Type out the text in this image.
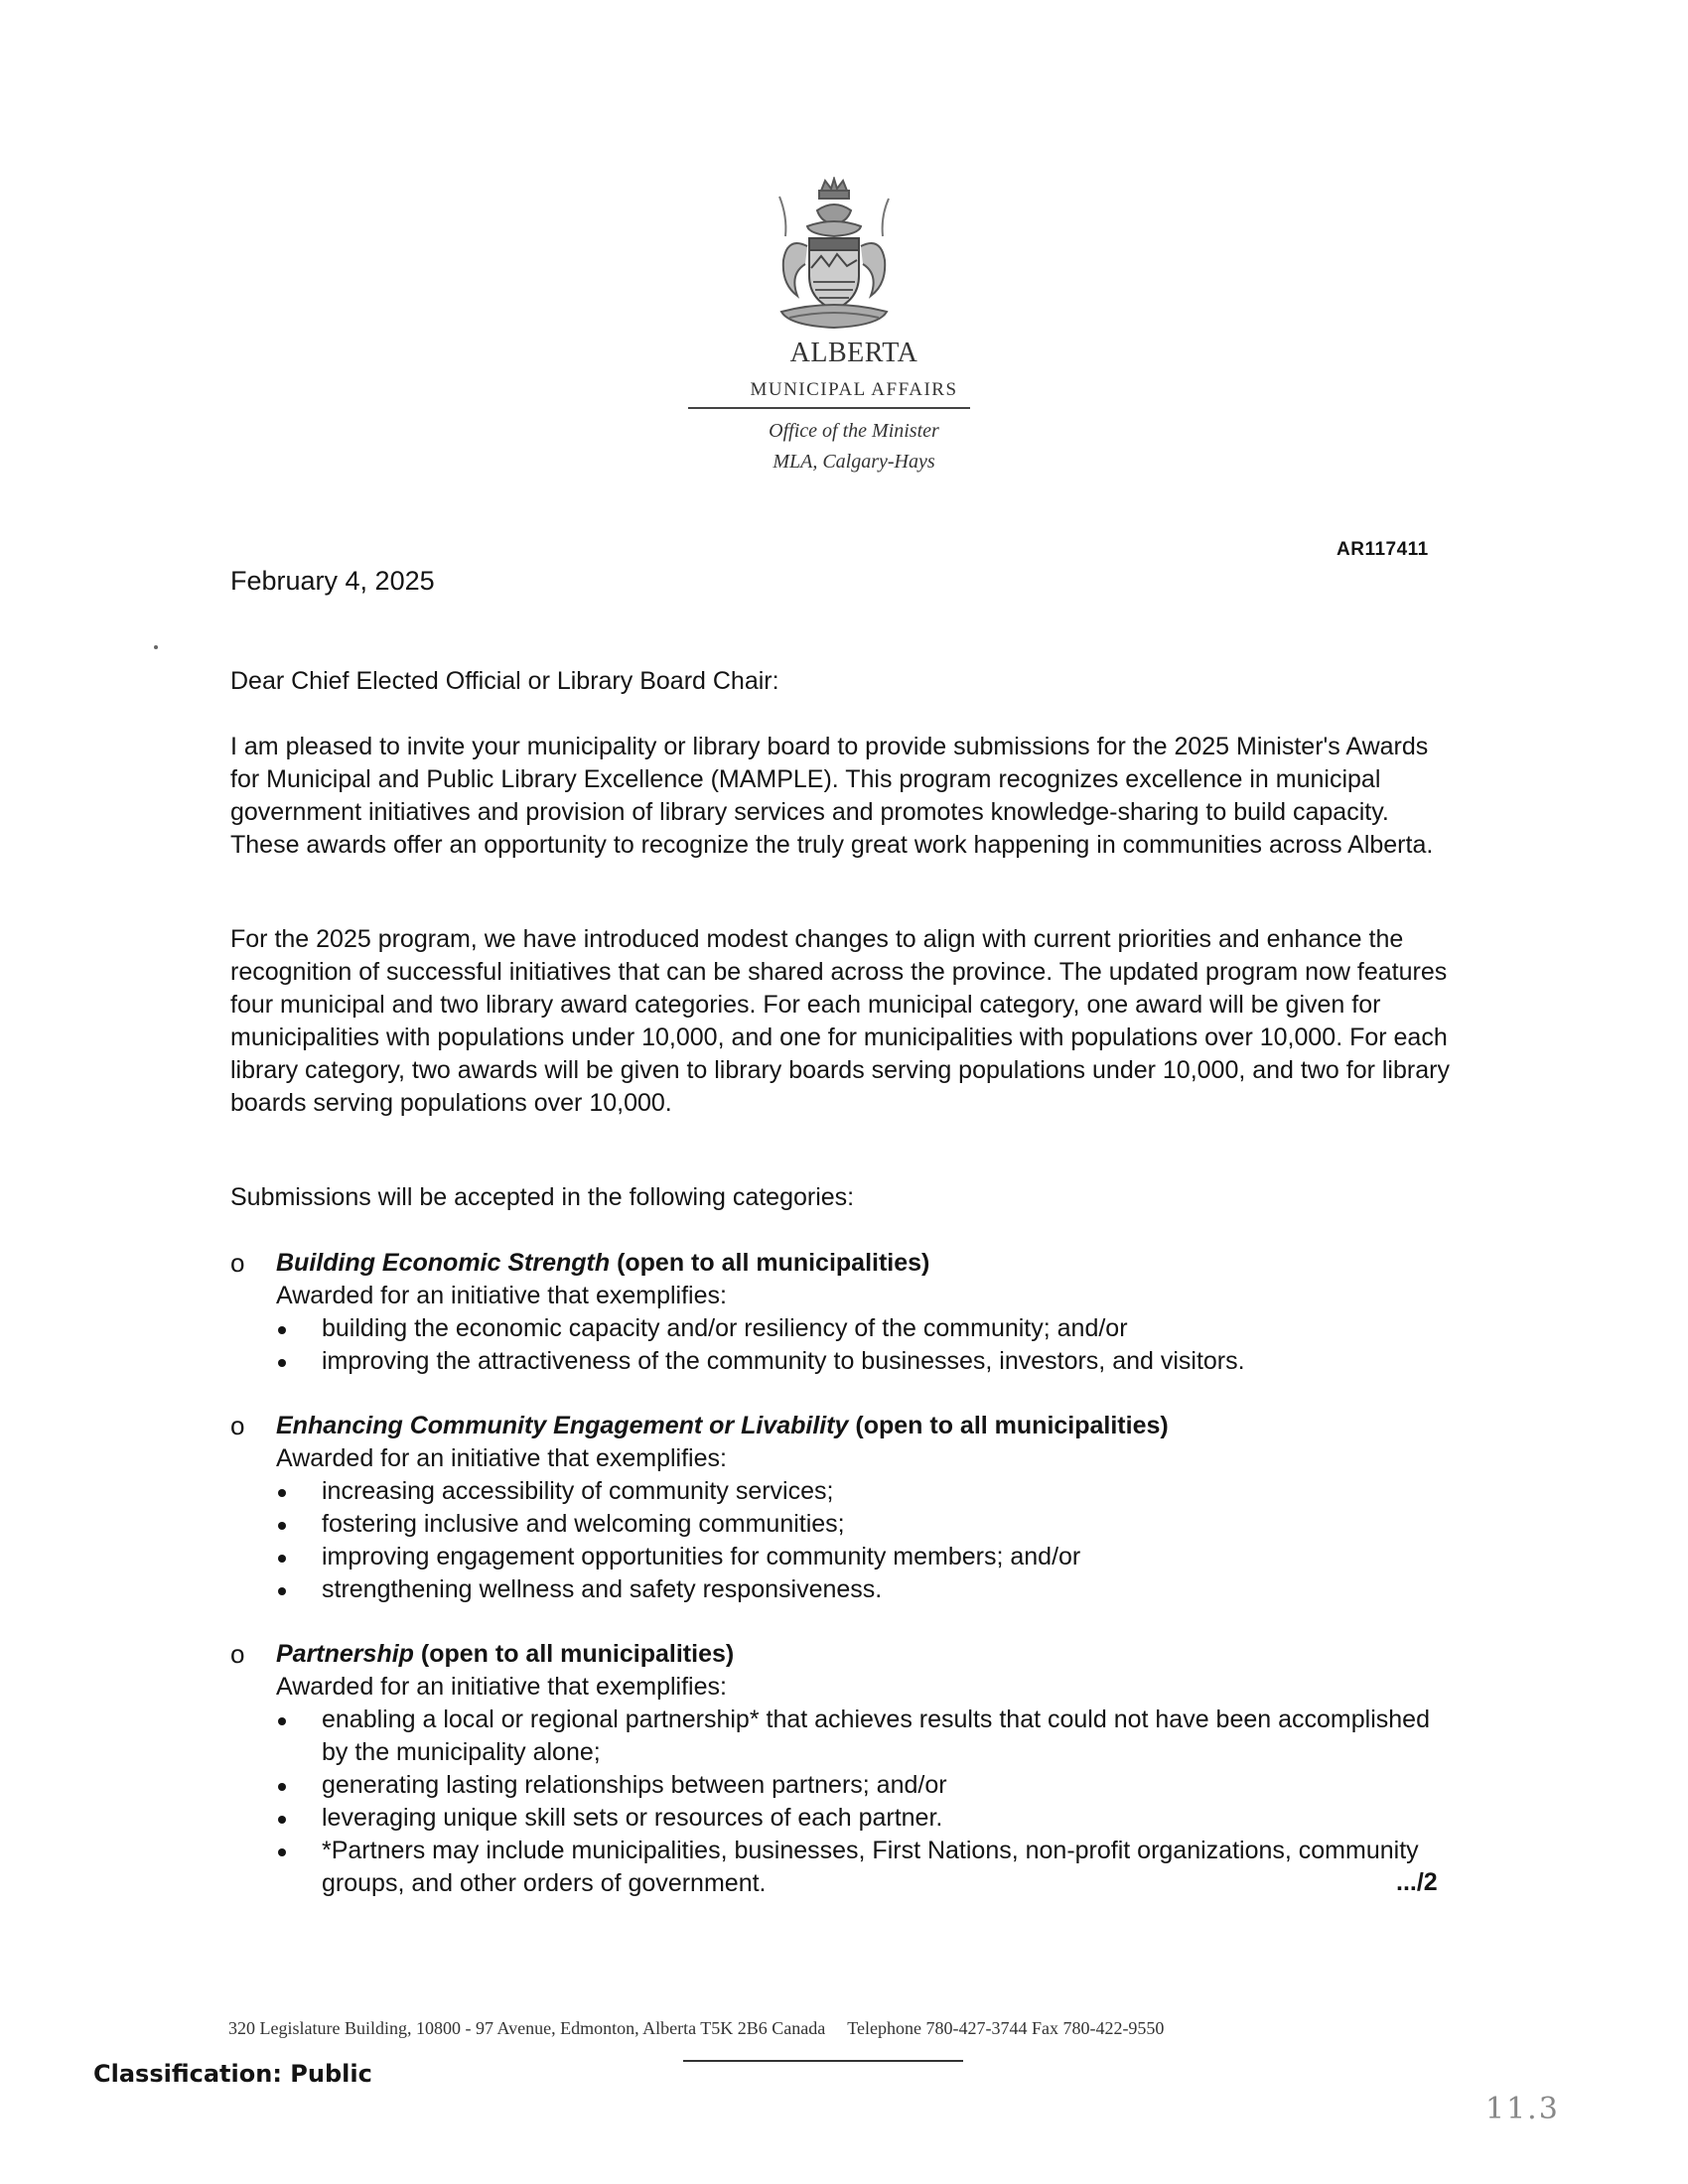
ALBERTA
MUNICIPAL AFFAIRS
Office of the Minister
MLA, Calgary-Hays
AR117411
February 4, 2025
Dear Chief Elected Official or Library Board Chair:
I am pleased to invite your municipality or library board to provide submissions for the 2025 Minister's Awards for Municipal and Public Library Excellence (MAMPLE). This program recognizes excellence in municipal government initiatives and provision of library services and promotes knowledge-sharing to build capacity. These awards offer an opportunity to recognize the truly great work happening in communities across Alberta.
For the 2025 program, we have introduced modest changes to align with current priorities and enhance the recognition of successful initiatives that can be shared across the province. The updated program now features four municipal and two library award categories. For each municipal category, one award will be given for municipalities with populations under 10,000, and one for municipalities with populations over 10,000. For each library category, two awards will be given to library boards serving populations under 10,000, and two for library boards serving populations over 10,000.
Submissions will be accepted in the following categories:
o Building Economic Strength (open to all municipalities)
Awarded for an initiative that exemplifies:
building the economic capacity and/or resiliency of the community; and/or
improving the attractiveness of the community to businesses, investors, and visitors.
o Enhancing Community Engagement or Livability (open to all municipalities)
Awarded for an initiative that exemplifies:
increasing accessibility of community services;
fostering inclusive and welcoming communities;
improving engagement opportunities for community members; and/or
strengthening wellness and safety responsiveness.
o Partnership (open to all municipalities)
Awarded for an initiative that exemplifies:
enabling a local or regional partnership* that achieves results that could not have been accomplished by the municipality alone;
generating lasting relationships between partners; and/or
leveraging unique skill sets or resources of each partner.
*Partners may include municipalities, businesses, First Nations, non-profit organizations, community groups, and other orders of government.	.../2
320 Legislature Building, 10800 - 97 Avenue, Edmonton, Alberta T5K 2B6 Canada Telephone 780-427-3744 Fax 780-422-9550
Classification: Public
11.3
